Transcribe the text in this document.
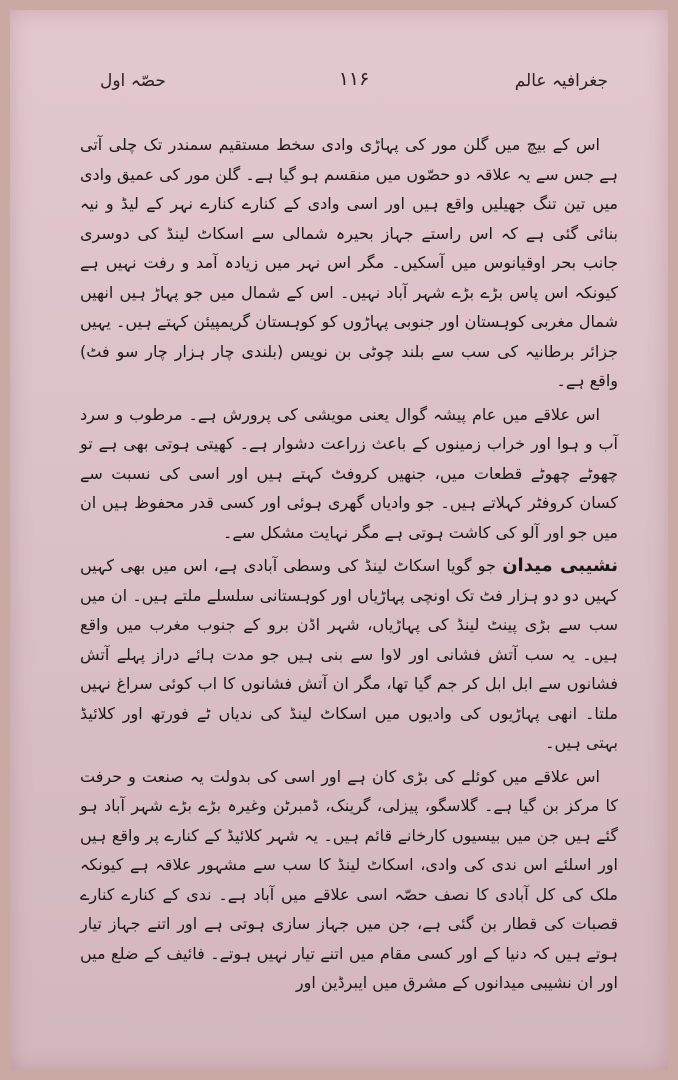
جغرافیہ عالم
۱۱۶
حصّہ اول

اس کے بیچ میں گلن مور کی پہاڑی وادی سخط مستقیم سمندر تک چلی آتی ہے جس سے یہ علاقہ دو حصّوں میں منقسم ہو گیا ہے۔ گلن مور کی عمیق وادی میں تین تنگ جھیلیں واقع ہیں اور اسی وادی کے کنارے کنارے نہر کے لیڈ و نیہ بنائی گئی ہے کہ اس راستے جہاز بحیرہ شمالی سے اسکاٹ لینڈ کی دوسری جانب بحر اوقیانوس میں آسکیں۔ مگر اس نہر میں زیادہ آمد و رفت نہیں ہے کیونکہ اس پاس بڑے بڑے شہر آباد نہیں۔ اس کے شمال میں جو پہاڑ ہیں انھیں شمال مغربی کوہستان اور جنوبی پہاڑوں کو کوہستان گریمپیئن کہتے ہیں۔ یہیں جزائر برطانیہ کی سب سے بلند چوٹی بن نویس (بلندی چار ہزار چار سو فٹ) واقع ہے۔

اس علاقے میں عام پیشہ گوال یعنی مویشی کی پرورش ہے۔ مرطوب و سرد آب و ہوا اور خراب زمینوں کے باعث زراعت دشوار ہے۔ کھیتی ہوتی بھی ہے تو چھوٹے چھوٹے قطعات میں، جنھیں کروفٹ کہتے ہیں اور اسی کی نسبت سے کسان کروفٹر کہلاتے ہیں۔ جو وادیاں گھری ہوئی اور کسی قدر محفوظ ہیں ان میں جو اور آلو کی کاشت ہوتی ہے مگر نہایت مشکل سے۔

نشیبی میدان جو گویا اسکاٹ لینڈ کی وسطی آبادی ہے، اس میں بھی کہیں کہیں دو دو ہزار فٹ تک اونچی پہاڑیاں اور کوہستانی سلسلے ملتے ہیں۔ ان میں سب سے بڑی پینٹ لینڈ کی پہاڑیاں، شہر اڈن برو کے جنوب مغرب میں واقع ہیں۔ یہ سب آتش فشانی اور لاوا سے بنی ہیں جو مدت ہائے دراز پہلے آتش فشانوں سے ابل ابل کر جم گیا تھا، مگر ان آتش فشانوں کا اب کوئی سراغ نہیں ملتا۔ انھی پہاڑیوں کی وادیوں میں اسکاٹ لینڈ کی ندیاں ٹے فورتھ اور کلائیڈ بہتی ہیں۔

اس علاقے میں کوئلے کی بڑی کان ہے اور اسی کی بدولت یہ صنعت و حرفت کا مرکز بن گیا ہے۔ گلاسگو، پیزلی، گرینک، ڈمبرٹن وغیرہ بڑے بڑے شہر آباد ہو گئے ہیں جن میں بیسیوں کارخانے قائم ہیں۔ یہ شہر کلائیڈ کے کنارے پر واقع ہیں اور اسلئے اس ندی کی وادی، اسکاٹ لینڈ کا سب سے مشہور علاقہ ہے کیونکہ ملک کی کل آبادی کا نصف حصّہ اسی علاقے میں آباد ہے۔ ندی کے کنارے کنارے قصبات کی قطار بن گئی ہے، جن میں جہاز سازی ہوتی ہے اور اتنے جہاز تیار ہوتے ہیں کہ دنیا کے اور کسی مقام میں اتنے تیار نہیں ہوتے۔ فائیف کے ضلع میں اور ان نشیبی میدانوں کے مشرق میں ایبرڈین اور
